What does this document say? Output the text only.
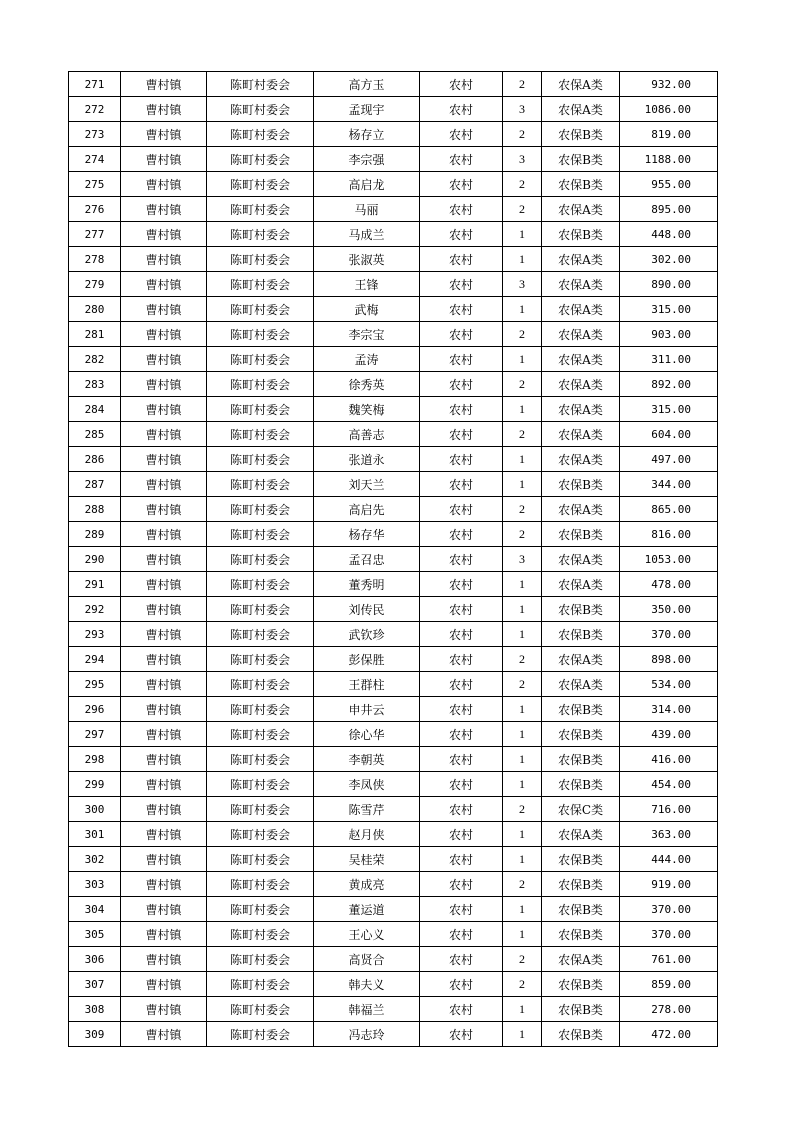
271	曹村镇	陈町村委会	高方玉	农村	2	农保A类	932.00
272	曹村镇	陈町村委会	孟现宇	农村	3	农保A类	1086.00
273	曹村镇	陈町村委会	杨存立	农村	2	农保B类	819.00
274	曹村镇	陈町村委会	李宗强	农村	3	农保B类	1188.00
275	曹村镇	陈町村委会	高启龙	农村	2	农保B类	955.00
276	曹村镇	陈町村委会	马丽	农村	2	农保A类	895.00
277	曹村镇	陈町村委会	马成兰	农村	1	农保B类	448.00
278	曹村镇	陈町村委会	张淑英	农村	1	农保A类	302.00
279	曹村镇	陈町村委会	王锋	农村	3	农保A类	890.00
280	曹村镇	陈町村委会	武梅	农村	1	农保A类	315.00
281	曹村镇	陈町村委会	李宗宝	农村	2	农保A类	903.00
282	曹村镇	陈町村委会	孟涛	农村	1	农保A类	311.00
283	曹村镇	陈町村委会	徐秀英	农村	2	农保A类	892.00
284	曹村镇	陈町村委会	魏笑梅	农村	1	农保A类	315.00
285	曹村镇	陈町村委会	高善志	农村	2	农保A类	604.00
286	曹村镇	陈町村委会	张道永	农村	1	农保A类	497.00
287	曹村镇	陈町村委会	刘天兰	农村	1	农保B类	344.00
288	曹村镇	陈町村委会	高启先	农村	2	农保A类	865.00
289	曹村镇	陈町村委会	杨存华	农村	2	农保B类	816.00
290	曹村镇	陈町村委会	孟召忠	农村	3	农保A类	1053.00
291	曹村镇	陈町村委会	董秀明	农村	1	农保A类	478.00
292	曹村镇	陈町村委会	刘传民	农村	1	农保B类	350.00
293	曹村镇	陈町村委会	武钦珍	农村	1	农保B类	370.00
294	曹村镇	陈町村委会	彭保胜	农村	2	农保A类	898.00
295	曹村镇	陈町村委会	王群柱	农村	2	农保A类	534.00
296	曹村镇	陈町村委会	申井云	农村	1	农保B类	314.00
297	曹村镇	陈町村委会	徐心华	农村	1	农保B类	439.00
298	曹村镇	陈町村委会	李朝英	农村	1	农保B类	416.00
299	曹村镇	陈町村委会	李凤侠	农村	1	农保B类	454.00
300	曹村镇	陈町村委会	陈雪芹	农村	2	农保C类	716.00
301	曹村镇	陈町村委会	赵月侠	农村	1	农保A类	363.00
302	曹村镇	陈町村委会	吴桂荣	农村	1	农保B类	444.00
303	曹村镇	陈町村委会	黄成亮	农村	2	农保B类	919.00
304	曹村镇	陈町村委会	董运道	农村	1	农保B类	370.00
305	曹村镇	陈町村委会	王心义	农村	1	农保B类	370.00
306	曹村镇	陈町村委会	高贤合	农村	2	农保A类	761.00
307	曹村镇	陈町村委会	韩夫义	农村	2	农保B类	859.00
308	曹村镇	陈町村委会	韩福兰	农村	1	农保B类	278.00
309	曹村镇	陈町村委会	冯志玲	农村	1	农保B类	472.00
